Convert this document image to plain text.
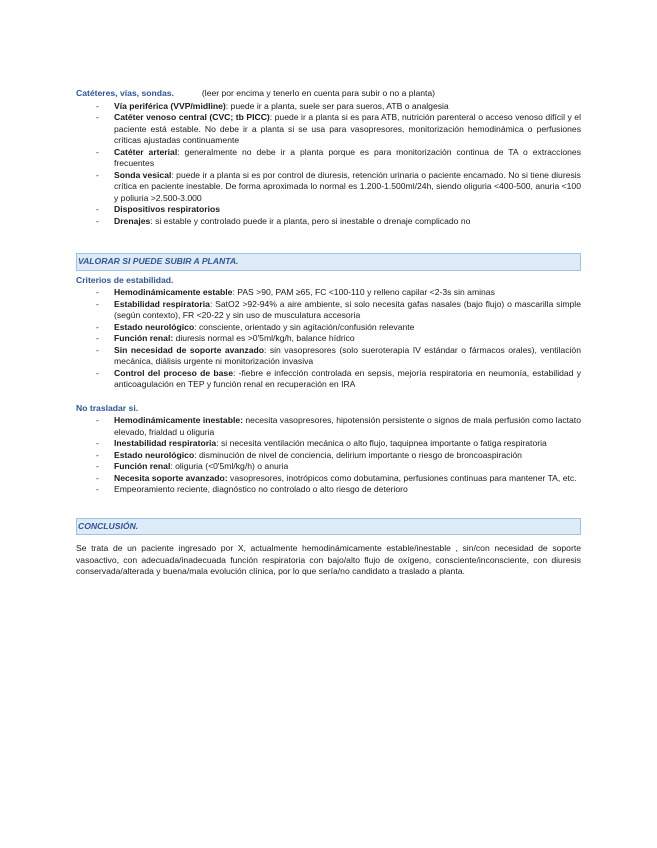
Catéteres, vías, sondas.	(leer por encima y tenerlo en cuenta para subir o no a planta)
- Vía periférica (VVP/midline): puede ir a planta, suele ser para sueros, ATB o analgesia
- Catéter venoso central (CVC; tb PICC): puede ir a planta si es para ATB, nutrición parenteral o acceso venoso difícil y el paciente está estable. No debe ir a planta si se usa para vasopresores, monitorización hemodinámica o perfusiones críticas ajustadas continuamente
- Catéter arterial: generalmente no debe ir a planta porque es para monitorización continua de TA o extracciones frecuentes
- Sonda vesical: puede ir a planta si es por control de diuresis, retención urinaria o paciente encamado. No si tiene diuresis crítica en paciente inestable. De forma aproximada lo normal es 1.200-1.500ml/24h, siendo oliguria <400-500, anuria <100 y poliuria >2.500-3.000
- Dispositivos respiratorios
- Drenajes: si estable y controlado puede ir a planta, pero si inestable o drenaje complicado no
VALORAR SI PUEDE SUBIR A PLANTA.
Criterios de estabilidad.
- Hemodinámicamente estable: PAS >90, PAM ≥65, FC <100-110 y relleno capilar <2-3s sin aminas
- Estabilidad respiratoria: SatO2 >92-94% a aire ambiente, si solo necesita gafas nasales (bajo flujo) o mascarilla simple (según contexto), FR <20-22 y sin uso de musculatura accesoria
- Estado neurológico: consciente, orientado y sin agitación/confusión relevante
- Función renal: diuresis normal es >0'5ml/kg/h, balance hídrico
- Sin necesidad de soporte avanzado: sin vasopresores (solo sueroterapia IV estándar o fármacos orales), ventilación mecánica, diálisis urgente ni monitorización invasiva
- Control del proceso de base: -fiebre e infección controlada en sepsis, mejoría respiratoria en neumonía, estabilidad y anticoagulación en TEP y función renal en recuperación en IRA
No trasladar si.
- Hemodinámicamente inestable: necesita vasopresores, hipotensión persistente o signos de mala perfusión como lactato elevado, frialdad u oliguria
- Inestabilidad respiratoria: si necesita ventilación mecánica o alto flujo, taquipnea importante o fatiga respiratoria
- Estado neurológico: disminución de nivel de conciencia, delirium importante o riesgo de broncoaspiración
- Función renal: oliguria (<0'5ml/kg/h) o anuria
- Necesita soporte avanzado: vasopresores, inotrópicos como dobutamina, perfusiones continuas para mantener TA, etc.
- Empeoramiento reciente, diagnóstico no controlado o alto riesgo de deterioro
CONCLUSIÓN.
Se trata de un paciente ingresado por X, actualmente hemodinámicamente estable/inestable , sin/con necesidad de soporte vasoactivo, con adecuada/inadecuada función respiratoria con bajo/alto flujo de oxígeno, consciente/inconsciente, con diuresis conservada/alterada y buena/mala evolución clínica, por lo que sería/no candidato a traslado a planta.
